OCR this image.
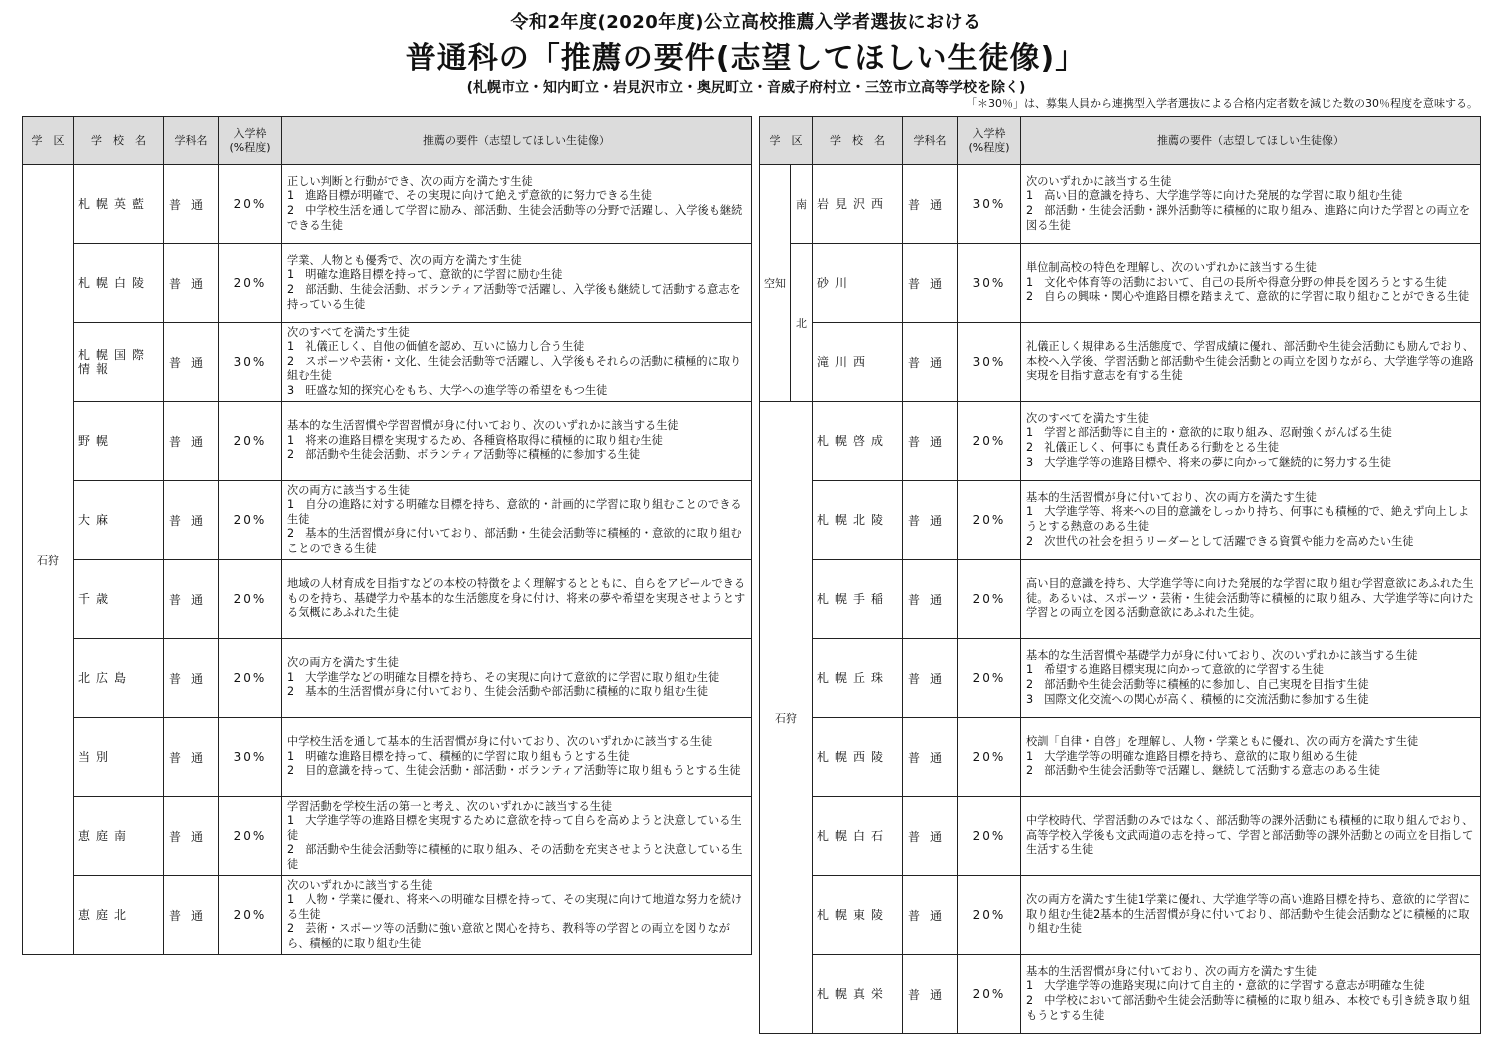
令和2年度(2020年度)公立高校推薦入学者選抜における
普通科の「推薦の要件(志望してほしい生徒像)」
(札幌市立・知内町立・岩見沢市立・奥尻町立・音威子府村立・三笠市立高等学校を除く)
「＊30％」は、募集人員から連携型入学者選抜による合格内定者数を減じた数の30％程度を意味する。
学　区	学　校　名	学科名	入学枠
(%程度)	推薦の要件（志望してほしい生徒像）
石狩	札幌英藍	普通	20%	正しい判断と行動ができ、次の両方を満たす生徒
1　進路目標が明確で、その実現に向けて絶えず意欲的に努力できる生徒
2　中学校生活を通して学習に励み、部活動、生徒会活動等の分野で活躍し、入学後も継続できる生徒

	札幌白陵	普通	20%	学業、人物とも優秀で、次の両方を満たす生徒
1　明確な進路目標を持って、意欲的に学習に励む生徒
2　部活動、生徒会活動、ボランティア活動等で活躍し、入学後も継続して活動する意志を持っている生徒

	札幌国際情報	普通	30%	次のすべてを満たす生徒
1　礼儀正しく、自他の価値を認め、互いに協力し合う生徒
2　スポーツや芸術・文化、生徒会活動等で活躍し、入学後もそれらの活動に積極的に取り組む生徒
3　旺盛な知的探究心をもち、大学への進学等の希望をもつ生徒

	野幌	普通	20%	基本的な生活習慣や学習習慣が身に付いており、次のいずれかに該当する生徒
1　将来の進路目標を実現するため、各種資格取得に積極的に取り組む生徒
2　部活動や生徒会活動、ボランティア活動等に積極的に参加する生徒

	大麻	普通	20%	次の両方に該当する生徒
1　自分の進路に対する明確な目標を持ち、意欲的・計画的に学習に取り組むことのできる生徒
2　基本的生活習慣が身に付いており、部活動・生徒会活動等に積極的・意欲的に取り組むことのできる生徒

	千歳	普通	20%	地域の人材育成を目指すなどの本校の特徴をよく理解するとともに、自らをアピールできるものを持ち、基礎学力や基本的な生活態度を身に付け、将来の夢や希望を実現させようとする気概にあふれた生徒

	北広島	普通	20%	次の両方を満たす生徒
1　大学進学などの明確な目標を持ち、その実現に向けて意欲的に学習に取り組む生徒
2　基本的生活習慣が身に付いており、生徒会活動や部活動に積極的に取り組む生徒

	当別	普通	30%	中学校生活を通して基本的生活習慣が身に付いており、次のいずれかに該当する生徒
1　明確な進路目標を持って、積極的に学習に取り組もうとする生徒
2　目的意識を持って、生徒会活動・部活動・ボランティア活動等に取り組もうとする生徒

	恵庭南	普通	20%	学習活動を学校生活の第一と考え、次のいずれかに該当する生徒
1　大学進学等の進路目標を実現するために意欲を持って自らを高めようと決意している生徒
2　部活動や生徒会活動等に積極的に取り組み、その活動を充実させようと決意している生徒

	恵庭北	普通	20%	次のいずれかに該当する生徒
1　人物・学業に優れ、将来への明確な目標を持って、その実現に向けて地道な努力を続ける生徒
2　芸術・スポーツ等の活動に強い意欲と関心を持ち、教科等の学習との両立を図りながら、積極的に取り組む生徒
学　区		学　校　名	学科名	入学枠
(%程度)	推薦の要件（志望してほしい生徒像）
空知	南	岩見沢西	普通	30%	次のいずれかに該当する生徒
1　高い目的意識を持ち、大学進学等に向けた発展的な学習に取り組む生徒
2　部活動・生徒会活動・課外活動等に積極的に取り組み、進路に向けた学習との両立を図る生徒

	北	砂川	普通	30%	単位制高校の特色を理解し、次のいずれかに該当する生徒
1　文化や体育等の活動において、自己の長所や得意分野の伸長を図ろうとする生徒
2　自らの興味・関心や進路目標を踏まえて、意欲的に学習に取り組むことができる生徒

		滝川西	普通	30%	礼儀正しく規律ある生活態度で、学習成績に優れ、部活動や生徒会活動にも励んでおり、本校へ入学後、学習活動と部活動や生徒会活動との両立を図りながら、大学進学等の進路実現を目指す意志を有する生徒

石狩		札幌啓成	普通	20%	次のすべてを満たす生徒
1　学習と部活動等に自主的・意欲的に取り組み、忍耐強くがんばる生徒
2　礼儀正しく、何事にも責任ある行動をとる生徒
3　大学進学等の進路目標や、将来の夢に向かって継続的に努力する生徒

		札幌北陵	普通	20%	基本的生活習慣が身に付いており、次の両方を満たす生徒
1　大学進学等、将来への目的意識をしっかり持ち、何事にも積極的で、絶えず向上しようとする熱意のある生徒
2　次世代の社会を担うリーダーとして活躍できる資質や能力を高めたい生徒

		札幌手稲	普通	20%	高い目的意識を持ち、大学進学等に向けた発展的な学習に取り組む学習意欲にあふれた生徒。あるいは、スポーツ・芸術・生徒会活動等に積極的に取り組み、大学進学等に向けた学習との両立を図る活動意欲にあふれた生徒。

		札幌丘珠	普通	20%	基本的な生活習慣や基礎学力が身に付いており、次のいずれかに該当する生徒
1　希望する進路目標実現に向かって意欲的に学習する生徒
2　部活動や生徒会活動等に積極的に参加し、自己実現を目指す生徒
3　国際文化交流への関心が高く、積極的に交流活動に参加する生徒

		札幌西陵	普通	20%	校訓「自律・自啓」を理解し、人物・学業ともに優れ、次の両方を満たす生徒
1　大学進学等の明確な進路目標を持ち、意欲的に取り組める生徒
2　部活動や生徒会活動等で活躍し、継続して活動する意志のある生徒

		札幌白石	普通	20%	中学校時代、学習活動のみではなく、部活動等の課外活動にも積極的に取り組んでおり、高等学校入学後も文武両道の志を持って、学習と部活動等の課外活動との両立を目指して生活する生徒

		札幌東陵	普通	20%	次の両方を満たす生徒1学業に優れ、大学進学等の高い進路目標を持ち、意欲的に学習に取り組む生徒2基本的生活習慣が身に付いており、部活動や生徒会活動などに積極的に取り組む生徒

		札幌真栄	普通	20%	基本的生活習慣が身に付いており、次の両方を満たす生徒
1　大学進学等の進路実現に向けて自主的・意欲的に学習する意志が明確な生徒
2　中学校において部活動や生徒会活動等に積極的に取り組み、本校でも引き続き取り組もうとする生徒
